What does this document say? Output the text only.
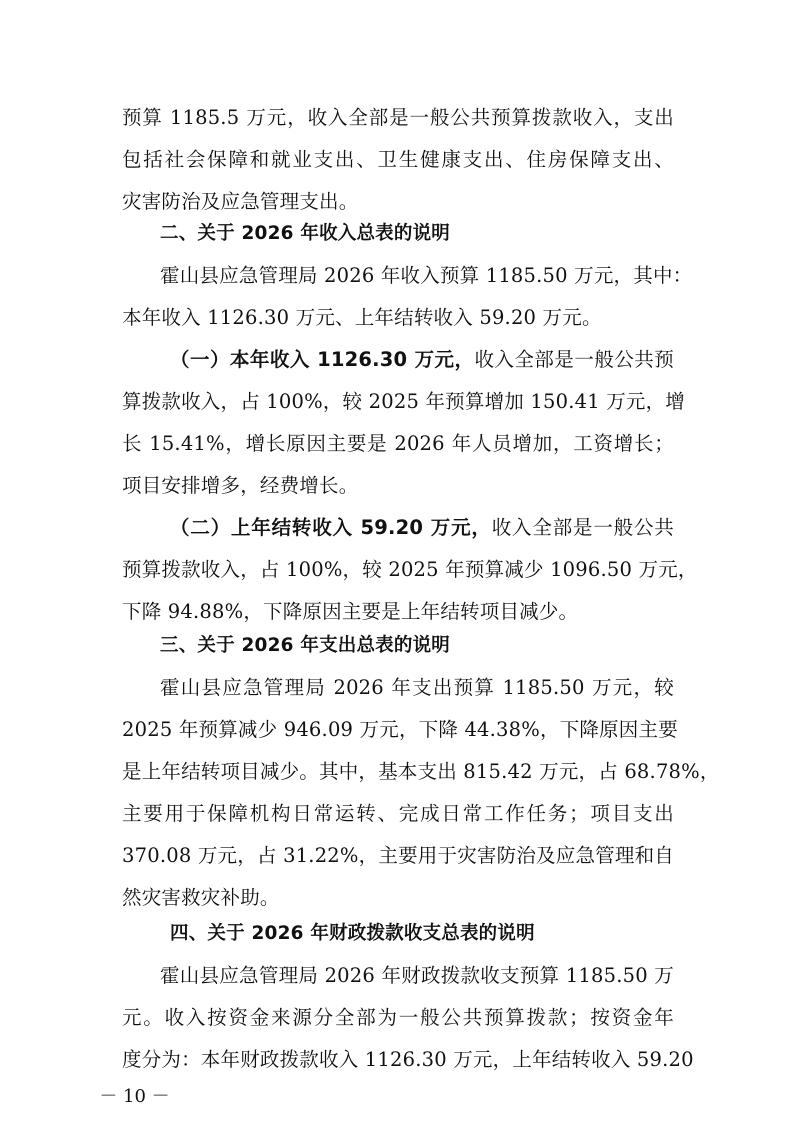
预算 1185.5 万元，收入全部是一般公共预算拨款收入，支出
包括社会保障和就业支出、卫生健康支出、住房保障支出、
灾害防治及应急管理支出。
二、关于 2026 年收入总表的说明
霍山县应急管理局 2026 年收入预算 1185.50 万元，其中：
本年收入 1126.30 万元、上年结转收入 59.20 万元。
（一）本年收入 1126.30 万元，收入全部是一般公共预
算拨款收入，占 100%，较 2025 年预算增加 150.41 万元，增
长 15.41%，增长原因主要是 2026 年人员增加，工资增长；
项目安排增多，经费增长。
（二）上年结转收入 59.20 万元，收入全部是一般公共
预算拨款收入，占 100%，较 2025 年预算减少 1096.50 万元，
下降 94.88%，下降原因主要是上年结转项目减少。
三、关于 2026 年支出总表的说明
霍山县应急管理局 2026 年支出预算 1185.50 万元，较
2025 年预算减少 946.09 万元，下降 44.38%，下降原因主要
是上年结转项目减少。其中，基本支出 815.42 万元，占 68.78%，
主要用于保障机构日常运转、完成日常工作任务；项目支出
370.08 万元，占 31.22%，主要用于灾害防治及应急管理和自
然灾害救灾补助。
四、关于 2026 年财政拨款收支总表的说明
霍山县应急管理局 2026 年财政拨款收支预算 1185.50 万
元。收入按资金来源分全部为一般公共预算拨款；按资金年
度分为：本年财政拨款收入 1126.30 万元，上年结转收入 59.20
－ 10 －
